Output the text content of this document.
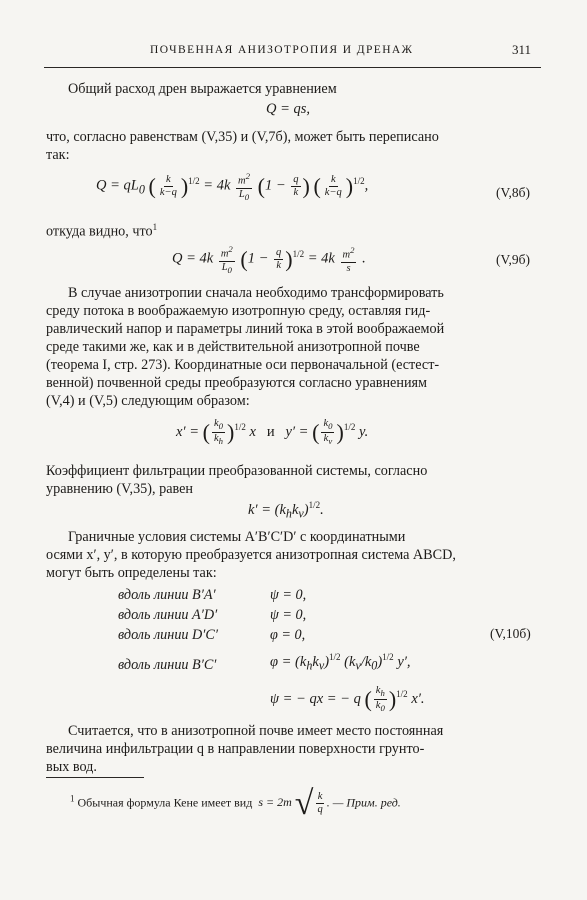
ПОЧВЕННАЯ АНИЗОТРОПИЯ И ДРЕНАЖ	311
Общий расход дрен выражается уравнением
Q = qs,
что, согласно равенствам (V,35) и (V,7б), может быть переписано
так:
$Q = qL_0$ ( $\frac{k}{k-q} )^{1/2} = 4k \frac{m^2}{L_0} (1 - \frac{q}{k}$ ) ( $\frac{k}{k-q} )^{1/2}$,	(V,8б)
откуда видно, что$^1$
$Q = 4k \frac{m^2}{L_0} (1 - \frac{q}{k} )^{1/2} = 4k \frac{m^2}{s}$ .	(V,9б)
В случае анизотропии сначала необходимо трансформировать
среду потока в воображаемую изотропную среду, оставляя гид-
равлический напор и параметры линий тока в этой воображаемой
среде такими же, как и в действительной анизотропной почве
(теорема I, стр. 273). Координатные оси первоначальной (естест-
венной) почвенной среды преобразуются согласно уравнениям
(V,4) и (V,5) следующим образом:
x′ = ( $\frac{k_0}{k_h} )^{1/2}$ x   и   y′ = ( $\frac{k_0}{k_v} )^{1/2}$ y.
Коэффициент фильтрации преобразованной системы, согласно
уравнению (V,35), равен
$k' = (k_hk_v)^{1/2}$.
Граничные условия системы A′B′C′D′ с координатными
осями x′, y′, в которую преобразуется анизотропная система ABCD,
могут быть определены так:
вдоль линии B′A′	ψ = 0,
вдоль линии A′D′	ψ = 0,
вдоль линии D′C′	φ = 0,	(V,10б)
вдоль линии B′C′	$\varphi = (k_hk_v)^{1/2}$ $(k_v/k_0)^{1/2}$ y′,
ψ = − qx = − q ( $\frac{k_h}{k_0} )^{1/2}$ x′.
Считается, что в анизотропной почве имеет место постоянная
величина инфильтрации q в направлении поверхности грунто-
вых вод.
$^1$ Обычная формула Кене имеет вид  s = 2m √ $\frac{k}{q}$ . — Прим. ред.
